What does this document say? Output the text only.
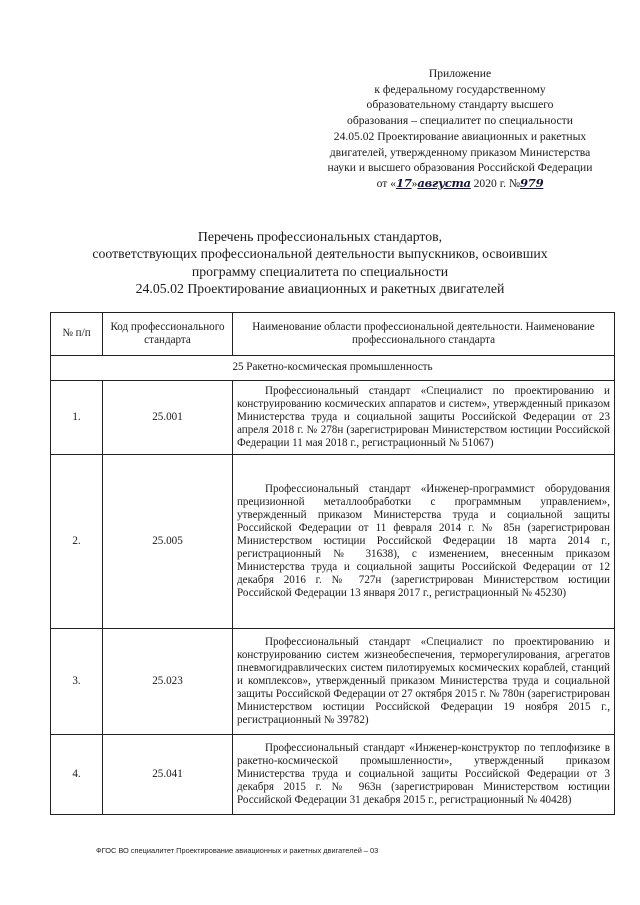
Приложение
к федеральному государственному
образовательному стандарту высшего
образования – специалитет по специальности
24.05.02 Проектирование авиационных и ракетных
двигателей, утвержденному приказом Министерства
науки и высшего образования Российской Федерации
от «17»августа 2020 г. №979
Перечень профессиональных стандартов,
соответствующих профессиональной деятельности выпускников, освоивших
программу специалитета по специальности
24.05.02 Проектирование авиационных и ракетных двигателей
№ п/п	Код профессионального стандарта	Наименование области профессиональной деятельности. Наименование профессионального стандарта
25 Ракетно-космическая промышленность		
1.	25.001	Профессиональный стандарт «Специалист по проектированию и конструированию космических аппаратов и систем», утвержденный приказом Министерства труда и социальной защиты Российской Федерации от 23 апреля 2018 г. № 278н (зарегистрирован Министерством юстиции Российской Федерации 11 мая 2018 г., регистрационный № 51067)
2.	25.005	Профессиональный стандарт «Инженер-программист оборудования прецизионной металлообработки с программным управлением», утвержденный приказом Министерства труда и социальной защиты Российской Федерации от 11 февраля 2014 г. № 85н (зарегистрирован Министерством юстиции Российской Федерации 18 марта 2014 г., регистрационный № 31638), с изменением, внесенным приказом Министерства труда и социальной защиты Российской Федерации от 12 декабря 2016 г. № 727н (зарегистрирован Министерством юстиции Российской Федерации 13 января 2017 г., регистрационный № 45230)
3.	25.023	Профессиональный стандарт «Специалист по проектированию и конструированию систем жизнеобеспечения, терморегулирования, агрегатов пневмогидравлических систем пилотируемых космических кораблей, станций и комплексов», утвержденный приказом Министерства труда и социальной защиты Российской Федерации от 27 октября 2015 г. № 780н (зарегистрирован Министерством юстиции Российской Федерации 19 ноября 2015 г., регистрационный № 39782)
4.	25.041	Профессиональный стандарт «Инженер-конструктор по теплофизике в ракетно-космической промышленности», утвержденный приказом Министерства труда и социальной защиты Российской Федерации от 3 декабря 2015 г. № 963н (зарегистрирован Министерством юстиции Российской Федерации 31 декабря 2015 г., регистрационный № 40428)
ФГОС ВО специалитет Проектирование авиационных и ракетных двигателей – 03
